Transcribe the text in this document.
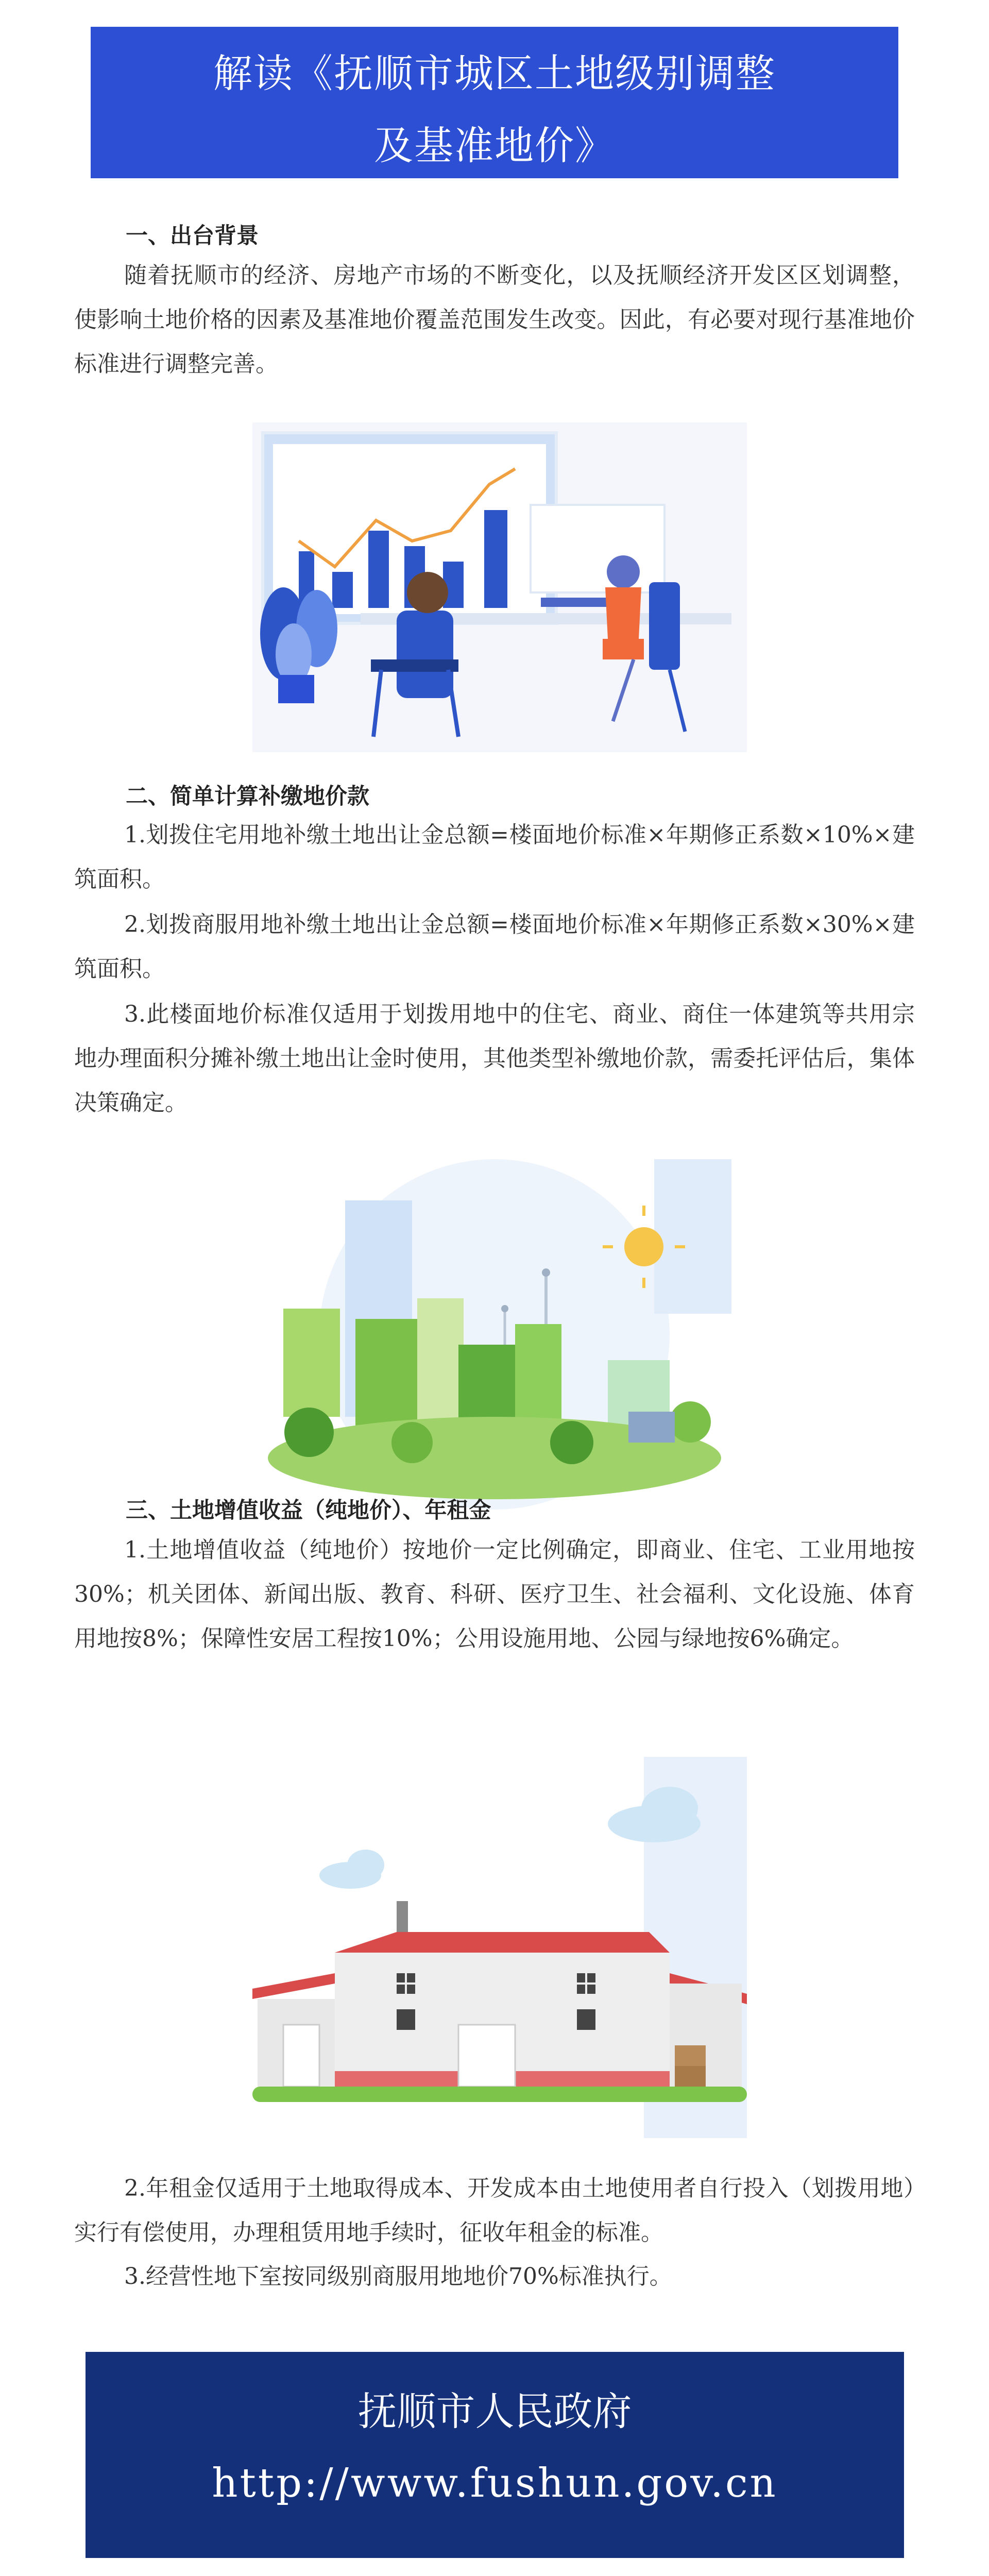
解读《抚顺市城区土地级别调整
及基准地价》
一、出台背景

随着抚顺市的经济、房地产市场的不断变化，以及抚顺经济开发区区划调整，使影响土地价格的因素及基准地价覆盖范围发生改变。因此，有必要对现行基准地价标准进行调整完善。

二、简单计算补缴地价款

1.划拨住宅用地补缴土地出让金总额=楼面地价标准×年期修正系数×10%×建筑面积。

2.划拨商服用地补缴土地出让金总额=楼面地价标准×年期修正系数×30%×建筑面积。

3.此楼面地价标准仅适用于划拨用地中的住宅、商业、商住一体建筑等共用宗地办理面积分摊补缴土地出让金时使用，其他类型补缴地价款，需委托评估后，集体决策确定。

三、土地增值收益（纯地价）、年租金

1.土地增值收益（纯地价）按地价一定比例确定，即商业、住宅、工业用地按30%；机关团体、新闻出版、教育、科研、医疗卫生、社会福利、文化设施、体育用地按8%；保障性安居工程按10%；公用设施用地、公园与绿地按6%确定。

2.年租金仅适用于土地取得成本、开发成本由土地使用者自行投入（划拨用地）实行有偿使用，办理租赁用地手续时，征收年租金的标准。

3.经营性地下室按同级别商服用地地价70%标准执行。

抚顺市人民政府
http://www.fushun.gov.cn
